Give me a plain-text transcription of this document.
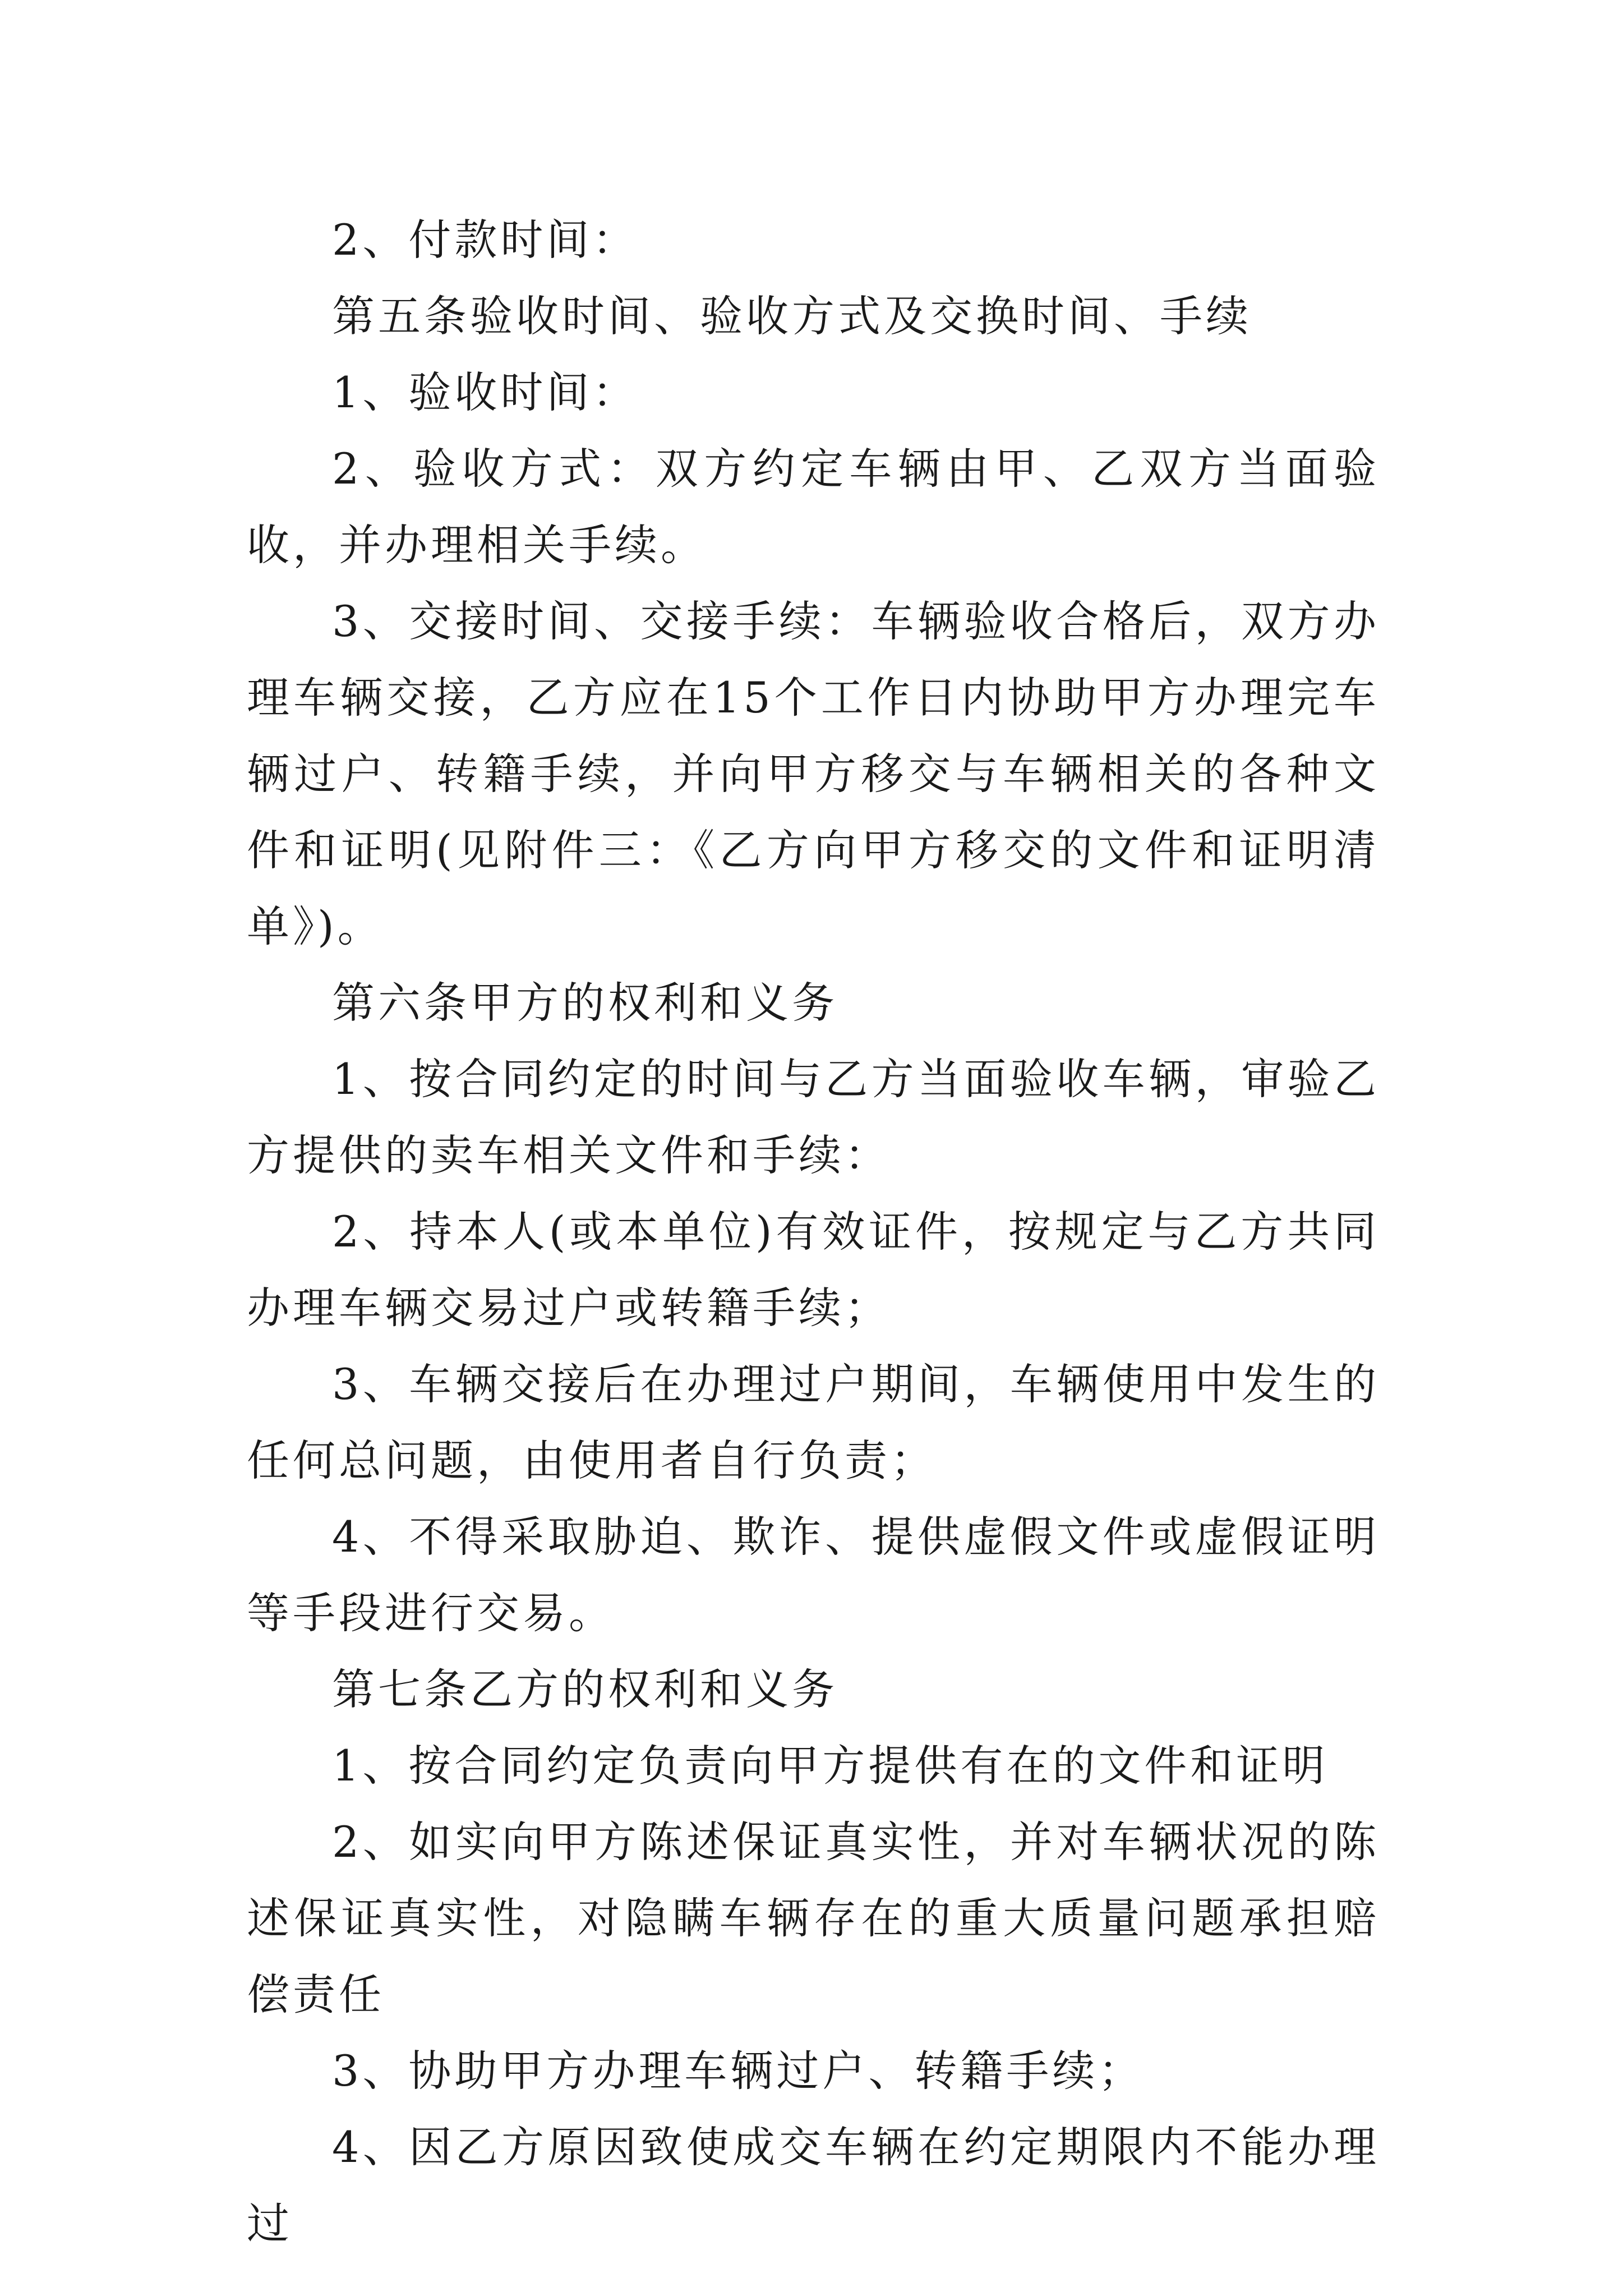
2、付款时间：

第五条验收时间、验收方式及交换时间、手续

1、验收时间：

2、验收方式：双方约定车辆由甲、乙双方当面验收，并办理相关手续。

3、交接时间、交接手续：车辆验收合格后，双方办理车辆交接，乙方应在15个工作日内协助甲方办理完车辆过户、转籍手续，并向甲方移交与车辆相关的各种文件和证明(见附件三：《乙方向甲方移交的文件和证明清单》)。

第六条甲方的权利和义务

1、按合同约定的时间与乙方当面验收车辆，审验乙方提供的卖车相关文件和手续：

2、持本人(或本单位)有效证件，按规定与乙方共同办理车辆交易过户或转籍手续；

3、车辆交接后在办理过户期间，车辆使用中发生的任何总问题，由使用者自行负责；

4、不得采取胁迫、欺诈、提供虚假文件或虚假证明等手段进行交易。

第七条乙方的权利和义务

1、按合同约定负责向甲方提供有在的文件和证明

2、如实向甲方陈述保证真实性，并对车辆状况的陈述保证真实性，对隐瞒车辆存在的重大质量问题承担赔偿责任

3、协助甲方办理车辆过户、转籍手续；

4、因乙方原因致使成交车辆在约定期限内不能办理过
